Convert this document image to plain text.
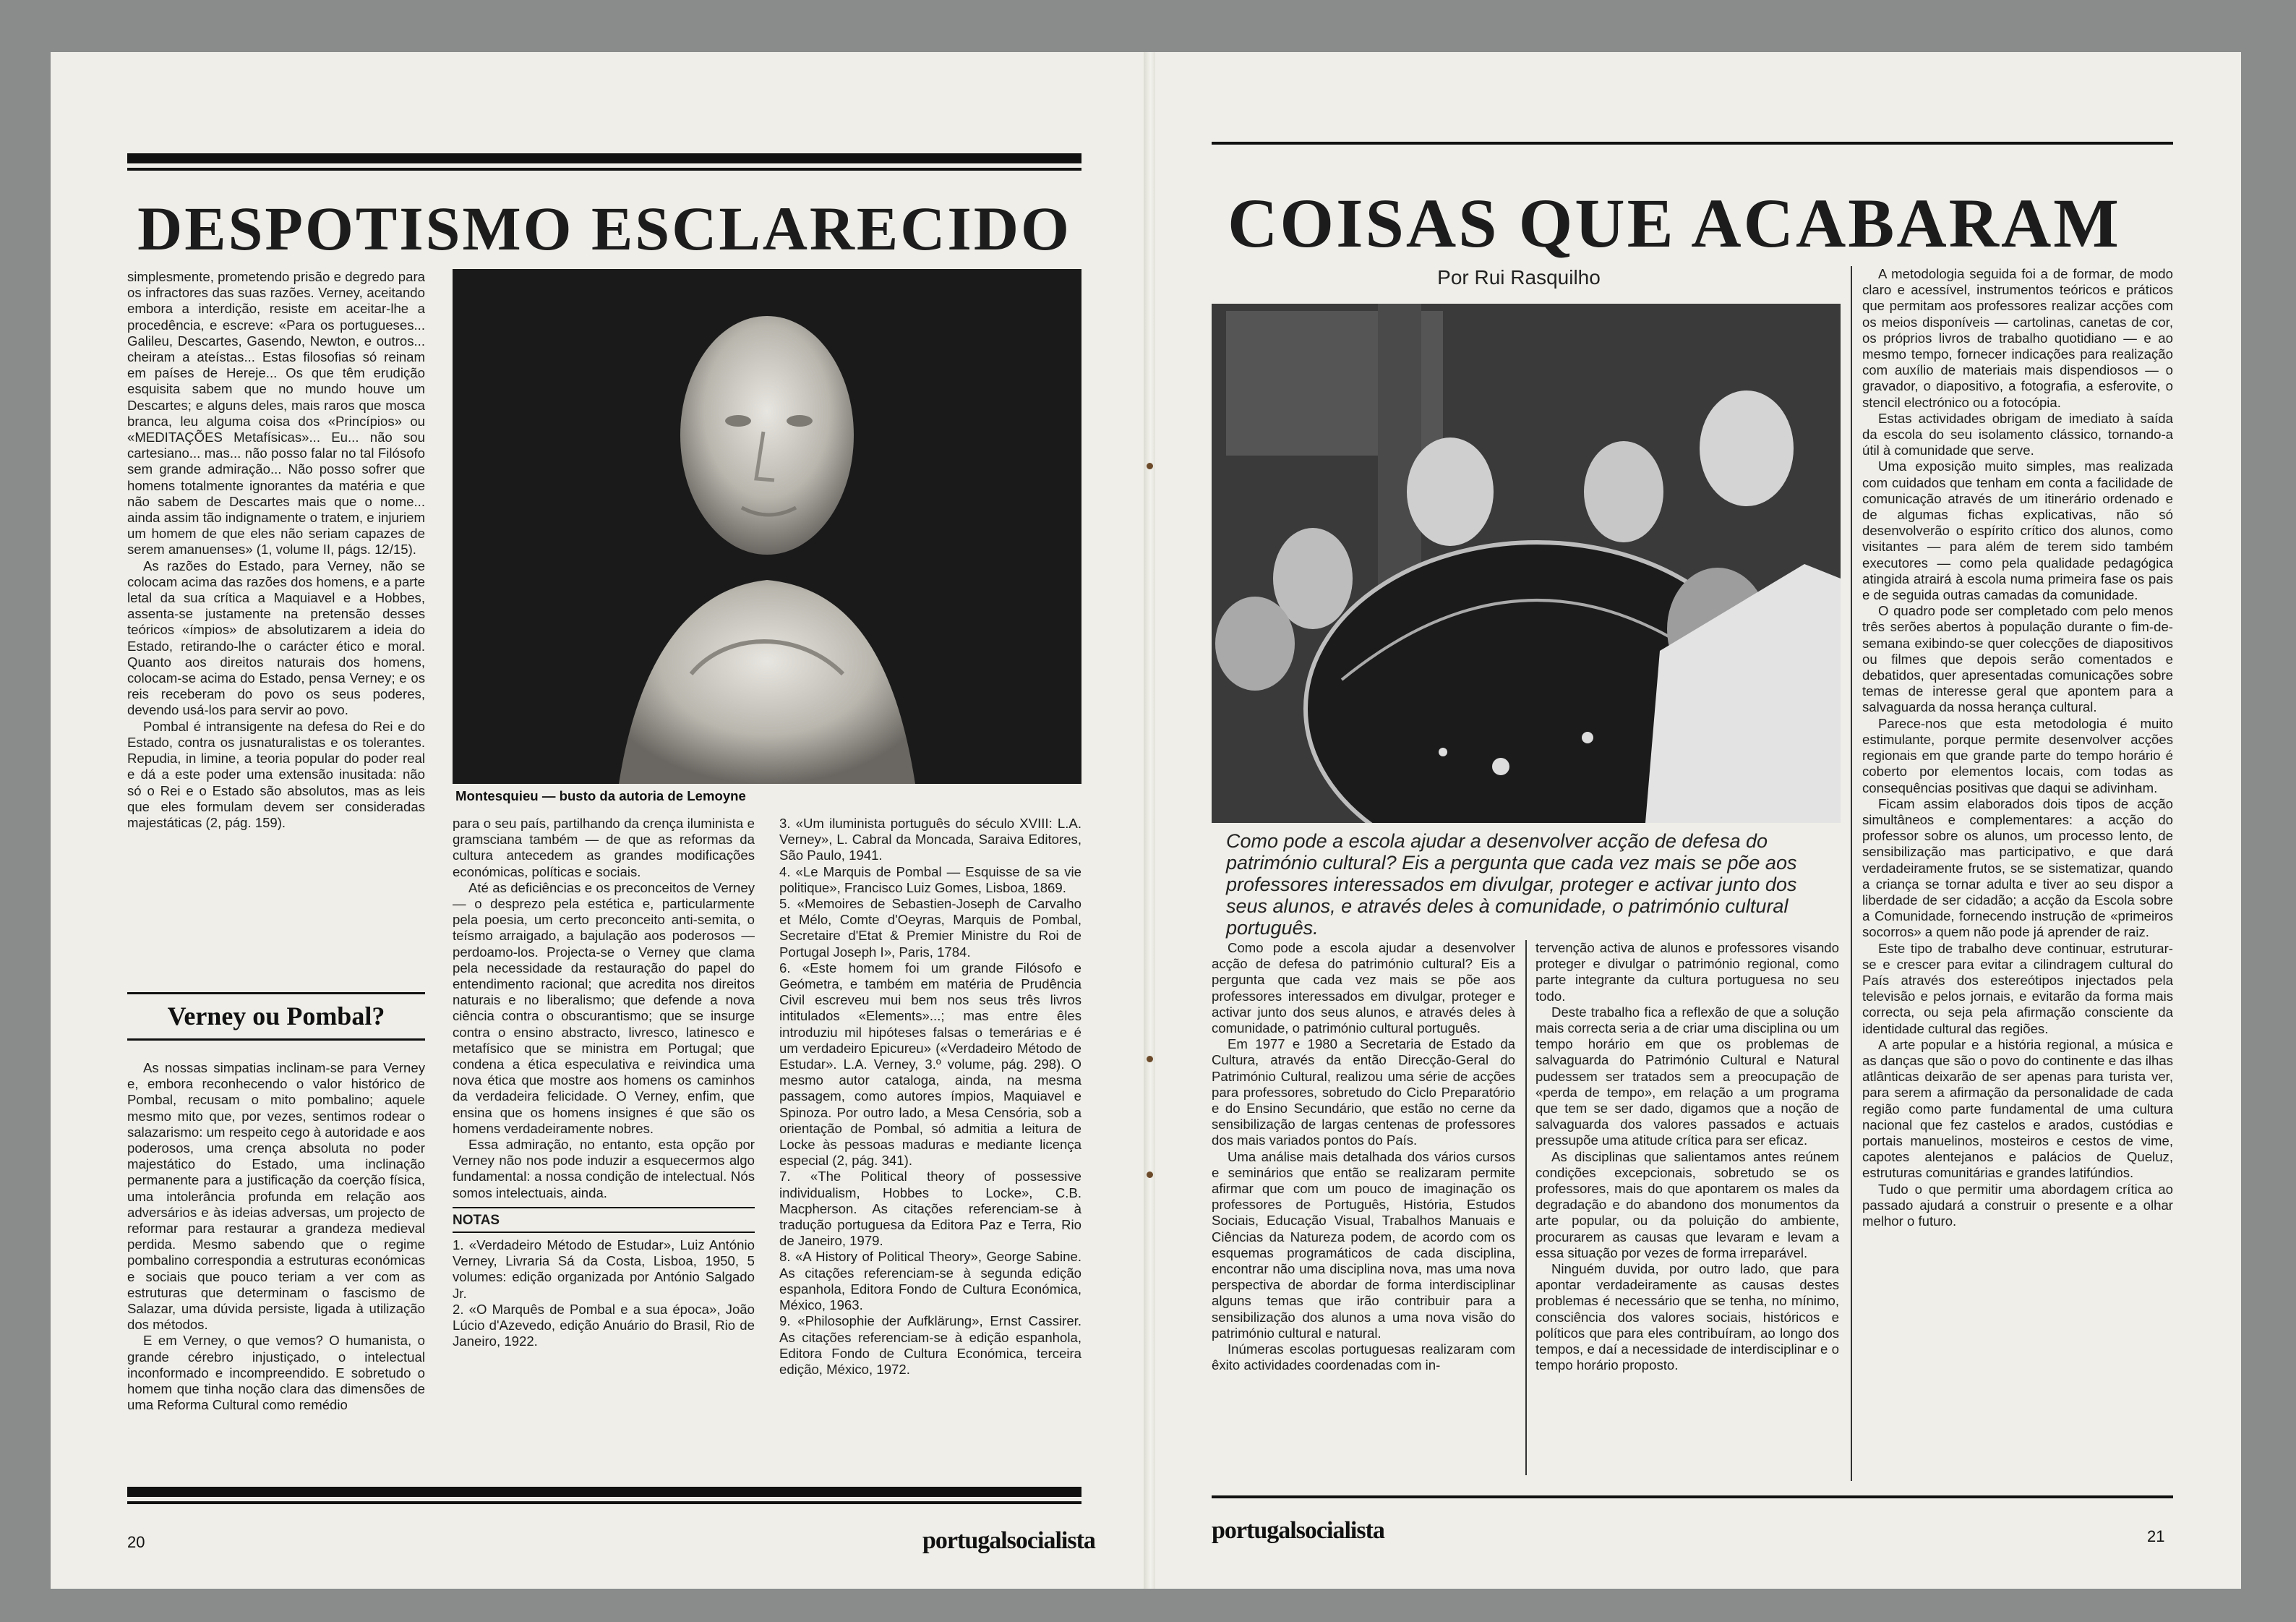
DESPOTISMO ESCLARECIDO

simplesmente, prometendo prisão e degredo para os infractores das suas razões. Verney, aceitando embora a interdição, resiste em aceitar-lhe a procedência, e escreve: «Para os portugueses... Galileu, Descartes, Gasendo, Newton, e outros... cheiram a ateístas... Estas filosofias só reinam em países de Hereje... Os que têm erudição esquisita sabem que no mundo houve um Descartes; e alguns deles, mais raros que mosca branca, leu alguma coisa dos «Princípios» ou «MEDITAÇÕES Metafísicas»... Eu... não sou cartesiano... mas... não posso falar no tal Filósofo sem grande admiração... Não posso sofrer que homens totalmente ignorantes da matéria e que não sabem de Descartes mais que o nome... ainda assim tão indignamente o tratem, e injuriem um homem de que eles não seriam capazes de serem amanuenses» (1, volume II, págs. 12/15).

As razões do Estado, para Verney, não se colocam acima das razões dos homens, e a parte letal da sua crítica a Maquiavel e a Hobbes, assenta-se justamente na pretensão desses teóricos «ímpios» de absolutizarem a ideia do Estado, retirando-lhe o carácter ético e moral. Quanto aos direitos naturais dos homens, colocam-se acima do Estado, pensa Verney; e os reis receberam do povo os seus poderes, devendo usá-los para servir ao povo.

Pombal é intransigente na defesa do Rei e do Estado, contra os jusnaturalistas e os tolerantes. Repudia, in limine, a teoria popular do poder real e dá a este poder uma extensão inusitada: não só o Rei e o Estado são absolutos, mas as leis que eles formulam devem ser consideradas majestáticas (2, pág. 159).

Verney ou Pombal?

As nossas simpatias inclinam-se para Verney e, embora reconhecendo o valor histórico de Pombal, recusam o mito pombalino; aquele mesmo mito que, por vezes, sentimos rodear o salazarismo: um respeito cego à autoridade e aos poderosos, uma crença absoluta no poder majestático do Estado, uma inclinação permanente para a justificação da coerção física, uma intolerância profunda em relação aos adversários e às ideias adversas, um projecto de reformar para restaurar a grandeza medieval perdida. Mesmo sabendo que o regime pombalino correspondia a estruturas económicas e sociais que pouco teriam a ver com as estruturas que determinam o fascismo de Salazar, uma dúvida persiste, ligada à utilização dos métodos.

E em Verney, o que vemos? O humanista, o grande cérebro injustiçado, o intelectual inconformado e incompreendido. E sobretudo o homem que tinha noção clara das dimensões de uma Reforma Cultural como remédio

Montesquieu — busto da autoria de Lemoyne

para o seu país, partilhando da crença iluminista e gramsciana também — de que as reformas da cultura antecedem as grandes modificações económicas, políticas e sociais.

Até as deficiências e os preconceitos de Verney — o desprezo pela estética e, particularmente pela poesia, um certo preconceito anti-semita, o teísmo arraigado, a bajulação aos poderosos — perdoamo-los. Projecta-se o Verney que clama pela necessidade da restauração do papel do entendimento racional; que acredita nos direitos naturais e no liberalismo; que defende a nova ciência contra o obscurantismo; que se insurge contra o ensino abstracto, livresco, latinesco e metafísico que se ministra em Portugal; que condena a ética especulativa e reivindica uma nova ética que mostre aos homens os caminhos da verdadeira felicidade. O Verney, enfim, que ensina que os homens insignes é que são os homens verdadeiramente nobres.

Essa admiração, no entanto, esta opção por Verney não nos pode induzir a esquecermos algo fundamental: a nossa condição de intelectual. Nós somos intelectuais, ainda.

NOTAS

1. «Verdadeiro Método de Estudar», Luiz António Verney, Livraria Sá da Costa, Lisboa, 1950, 5 volumes: edição organizada por António Salgado Jr.

2. «O Marquês de Pombal e a sua época», João Lúcio d'Azevedo, edição Anuário do Brasil, Rio de Janeiro, 1922.

3. «Um iluminista português do século XVIII: L.A. Verney», L. Cabral da Moncada, Saraiva Editores, São Paulo, 1941.

4. «Le Marquis de Pombal — Esquisse de sa vie politique», Francisco Luiz Gomes, Lisboa, 1869.

5. «Memoires de Sebastien-Joseph de Carvalho et Mélo, Comte d'Oeyras, Marquis de Pombal, Secretaire d'Etat & Premier Ministre du Roi de Portugal Joseph I», Paris, 1784.

6. «Este homem foi um grande Filósofo e Geómetra, e também em matéria de Prudência Civil escreveu mui bem nos seus três livros intitulados «Elements»...; mas entre êles introduziu mil hipóteses falsas o temerárias e é um verdadeiro Epicureu» («Verdadeiro Método de Estudar». L.A. Verney, 3.º volume, pág. 298). O mesmo autor cataloga, ainda, na mesma passagem, como autores ímpios, Maquiavel e Spinoza. Por outro lado, a Mesa Censória, sob a orientação de Pombal, só admitia a leitura de Locke às pessoas maduras e mediante licença especial (2, pág. 341).

7. «The Political theory of possessive individualism, Hobbes to Locke», C.B. Macpherson. As citações referenciam-se à tradução portuguesa da Editora Paz e Terra, Rio de Janeiro, 1979.

8. «A History of Political Theory», George Sabine. As citações referenciam-se à segunda edição espanhola, Editora Fondo de Cultura Económica, México, 1963.

9. «Philosophie der Aufklärung», Ernst Cassirer. As citações referenciam-se à edição espanhola, Editora Fondo de Cultura Económica, terceira edição, México, 1972.

20	portugalsocialista
COISAS QUE ACABARAM
Por Rui Rasquilho
Como pode a escola ajudar a desenvolver acção de defesa do património cultural? Eis a pergunta que cada vez mais se põe aos professores interessados em divulgar, proteger e activar junto dos seus alunos, e através deles à comunidade, o património cultural português.

Como pode a escola ajudar a desenvolver acção de defesa do património cultural? Eis a pergunta que cada vez mais se põe aos professores interessados em divulgar, proteger e activar junto dos seus alunos, e através deles à comunidade, o património cultural português.

Em 1977 e 1980 a Secretaria de Estado da Cultura, através da então Direcção-Geral do Património Cultural, realizou uma série de acções para professores, sobretudo do Ciclo Preparatório e do Ensino Secundário, que estão no cerne da sensibilização de largas centenas de professores dos mais variados pontos do País.

Uma análise mais detalhada dos vários cursos e seminários que então se realizaram permite afirmar que com um pouco de imaginação os professores de Português, História, Estudos Sociais, Educação Visual, Trabalhos Manuais e Ciências da Natureza podem, de acordo com os esquemas programáticos de cada disciplina, encontrar não uma disciplina nova, mas uma nova perspectiva de abordar de forma interdisciplinar alguns temas que irão contribuir para a sensibilização dos alunos a uma nova visão do património cultural e natural.

Inúmeras escolas portuguesas realizaram com êxito actividades coordenadas com in-

tervenção activa de alunos e professores visando proteger e divulgar o património regional, como parte integrante da cultura portuguesa no seu todo.

Deste trabalho fica a reflexão de que a solução mais correcta seria a de criar uma disciplina ou um tempo horário em que os problemas de salvaguarda do Património Cultural e Natural pudessem ser tratados sem a preocupação de «perda de tempo», em relação a um programa que tem se ser dado, digamos que a noção de salvaguarda dos valores passados e actuais pressupõe uma atitude crítica para ser eficaz.

As disciplinas que salientamos antes reúnem condições excepcionais, sobretudo se os professores, mais do que apontarem os males da degradação e do abandono dos monumentos da arte popular, ou da poluição do ambiente, procurarem as causas que levaram e levam a essa situação por vezes de forma irreparável.

Ninguém duvida, por outro lado, que para apontar verdadeiramente as causas destes problemas é necessário que se tenha, no mínimo, consciência dos valores sociais, históricos e políticos que para eles contribuíram, ao longo dos tempos, e daí a necessidade de interdisciplinar e o tempo horário proposto.

A metodologia seguida foi a de formar, de modo claro e acessível, instrumentos teóricos e práticos que permitam aos professores realizar acções com os meios disponíveis — cartolinas, canetas de cor, os próprios livros de trabalho quotidiano — e ao mesmo tempo, fornecer indicações para realização com auxílio de materiais mais dispendiosos — o gravador, o diapositivo, a fotografia, a esferovite, o stencil electrónico ou a fotocópia.

Estas actividades obrigam de imediato à saída da escola do seu isolamento clássico, tornando-a útil à comunidade que serve.

Uma exposição muito simples, mas realizada com cuidados que tenham em conta a facilidade de comunicação através de um itinerário ordenado e de algumas fichas explicativas, não só desenvolverão o espírito crítico dos alunos, como visitantes — para além de terem sido também executores — como pela qualidade pedagógica atingida atrairá à escola numa primeira fase os pais e de seguida outras camadas da comunidade.

O quadro pode ser completado com pelo menos três serões abertos à população durante o fim-de-semana exibindo-se quer colecções de diapositivos ou filmes que depois serão comentados e debatidos, quer apresentadas comunicações sobre temas de interesse geral que apontem para a salvaguarda da nossa herança cultural.

Parece-nos que esta metodologia é muito estimulante, porque permite desenvolver acções regionais em que grande parte do tempo horário é coberto por elementos locais, com todas as consequências positivas que daqui se adivinham.

Ficam assim elaborados dois tipos de acção simultâneos e complementares: a acção do professor sobre os alunos, um processo lento, de sensibilização mas participativo, e que dará verdadeiramente frutos, se se sistematizar, quando a criança se tornar adulta e tiver ao seu dispor a liberdade de ser cidadão; a acção da Escola sobre a Comunidade, fornecendo instrução de «primeiros socorros» a quem não pode já aprender de raiz.

Este tipo de trabalho deve continuar, estruturar-se e crescer para evitar a cilindragem cultural do País através dos estereótipos injectados pela televisão e pelos jornais, e evitarão da forma mais correcta, ou seja pela afirmação consciente da identidade cultural das regiões.

A arte popular e a história regional, a música e as danças que são o povo do continente e das ilhas atlânticas deixarão de ser apenas para turista ver, para serem a afirmação da personalidade de cada região como parte fundamental de uma cultura nacional que fez castelos e arados, custódias e portais manuelinos, mosteiros e cestos de vime, capotes alentejanos e palácios de Queluz, estruturas comunitárias e grandes latifúndios.

Tudo o que permitir uma abordagem crítica ao passado ajudará a construir o presente e a olhar melhor o futuro.

portugalsocialista	21
